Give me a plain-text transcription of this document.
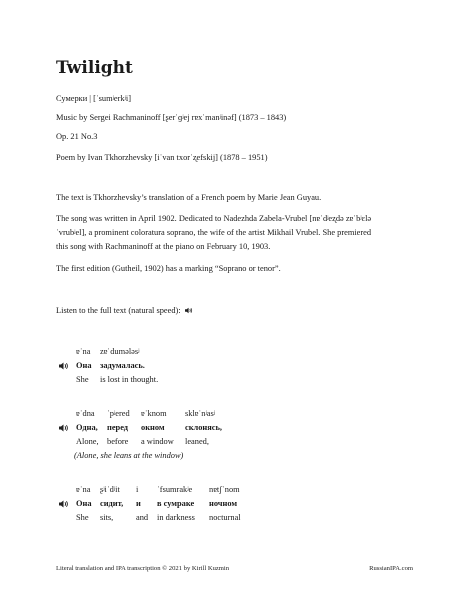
Twilight

Сумерки | [ˈsumʲerkʲi]

Music by Sergei Rachmaninoff [ʂerˈɡʲej rɐxˈmanʲinəf] (1873 – 1843)

Op. 21 No.3

Poem by Ivan Tkhorzhevsky [iˈvan txorˈʐefskij] (1878 – 1951)

The text is Tkhorzhevsky’s translation of a French poem by Marie Jean Guyau.

The song was written in April 1902. Dedicated to Nadezhda Zabela-Vrubel [nɐˈdʲeʐdə zɐˈbʲɛlə

ˈvrubʲel], a prominent coloratura soprano, the wife of the artist Mikhail Vrubel. She premiered

this song with Rachmaninoff at the piano on February 10, 1903.

The first edition (Gutheil, 1902) has a marking “Soprano or tenor”.

Listen to the full text (natural speed):

ɐˈna zɐˈdumələsʲ
Она задумалась.
She is lost in thought.
ɐˈdna ˈpʲered ɐˈknom sklɐˈnʲasʲ
Одна, перед окном склонясь,
Alone, before a window leaned,
(Alone, she leans at the window)
ɐˈna ʂʲiˈdʲit i ˈfsumrakʲe nɐtʃˈnom
Она сидит, и в сумраке ночном
She sits,	and in darkness nocturnal
Literal translation and IPA transcription © 2021 by Kirill Kuzmin	RussianIPA.com
